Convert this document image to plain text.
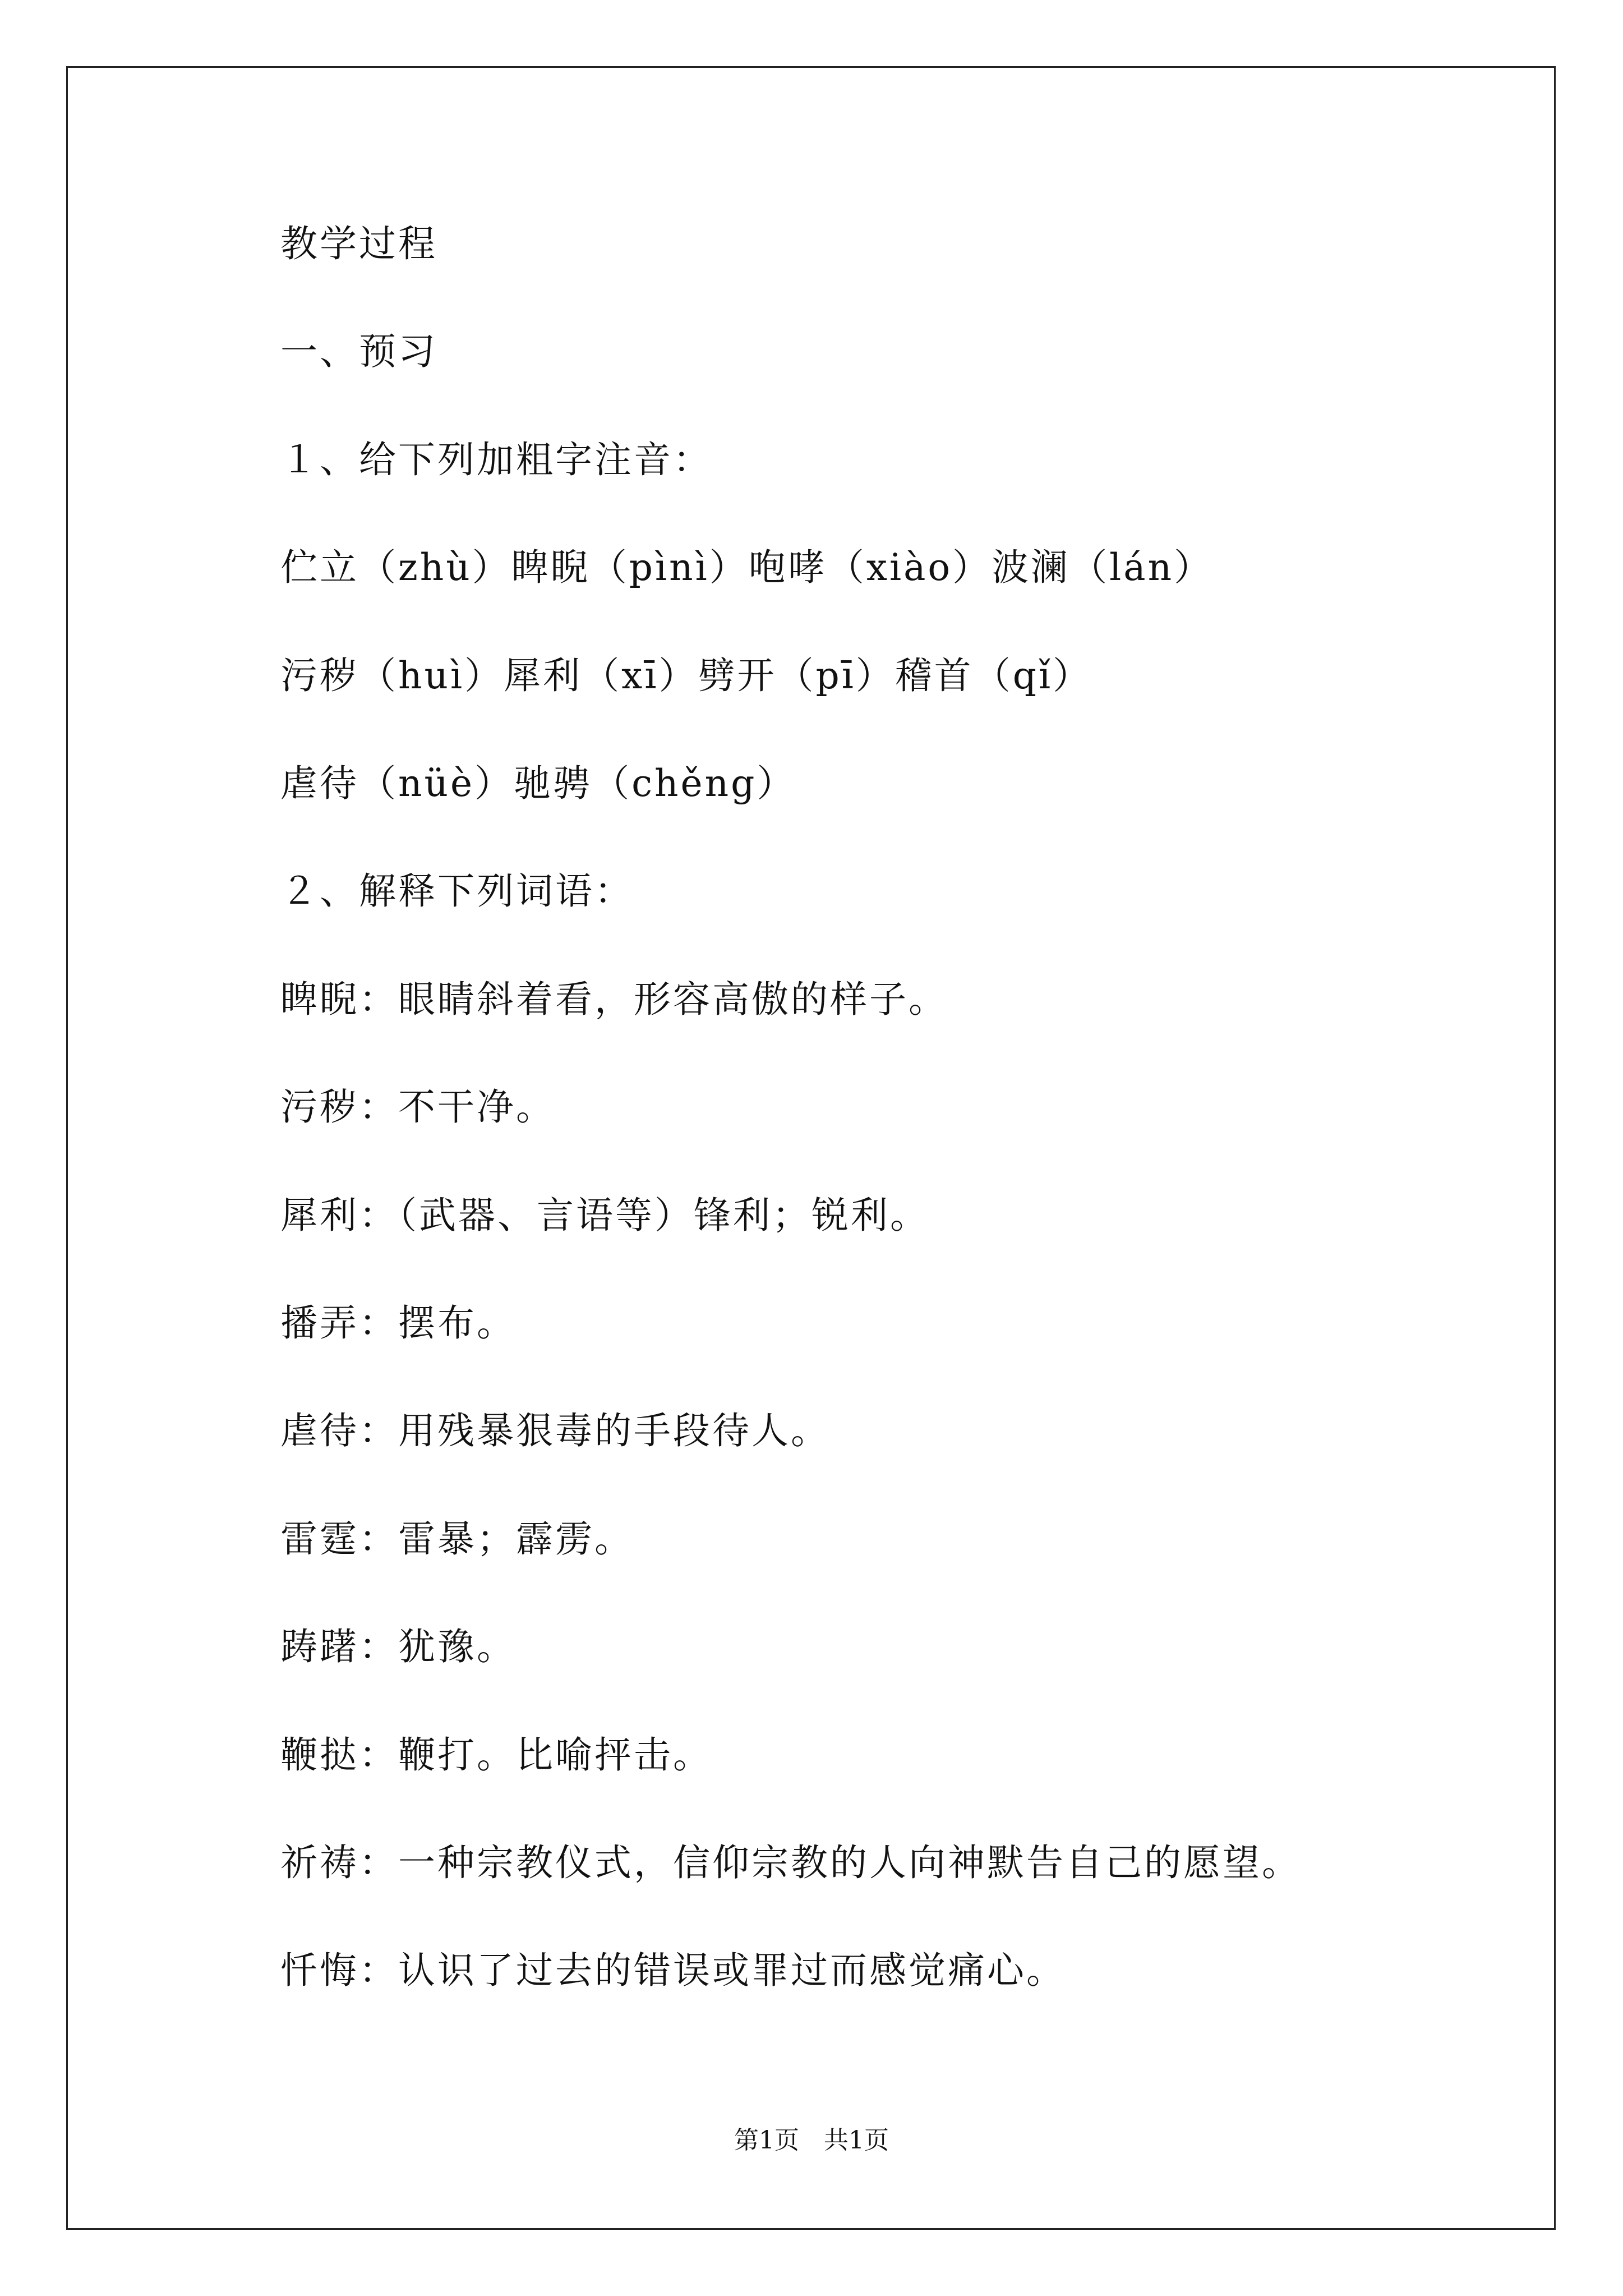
教学过程
一、预习
１、给下列加粗字注音：
伫立（zhù）睥睨（pìnì）咆哮（xiào）波澜（lán）
污秽（huì）犀利（xī）劈开（pī）稽首（qǐ）
虐待（nüè）驰骋（chěng）
２、解释下列词语：
睥睨：眼睛斜着看，形容高傲的样子。
污秽：不干净。
犀利：（武器、言语等）锋利；锐利。
播弄：摆布。
虐待：用残暴狠毒的手段待人。
雷霆：雷暴；霹雳。
踌躇：犹豫。
鞭挞：鞭打。比喻抨击。
祈祷：一种宗教仪式，信仰宗教的人向神默告自己的愿望。
忏悔：认识了过去的错误或罪过而感觉痛心。
第1页　共1页
